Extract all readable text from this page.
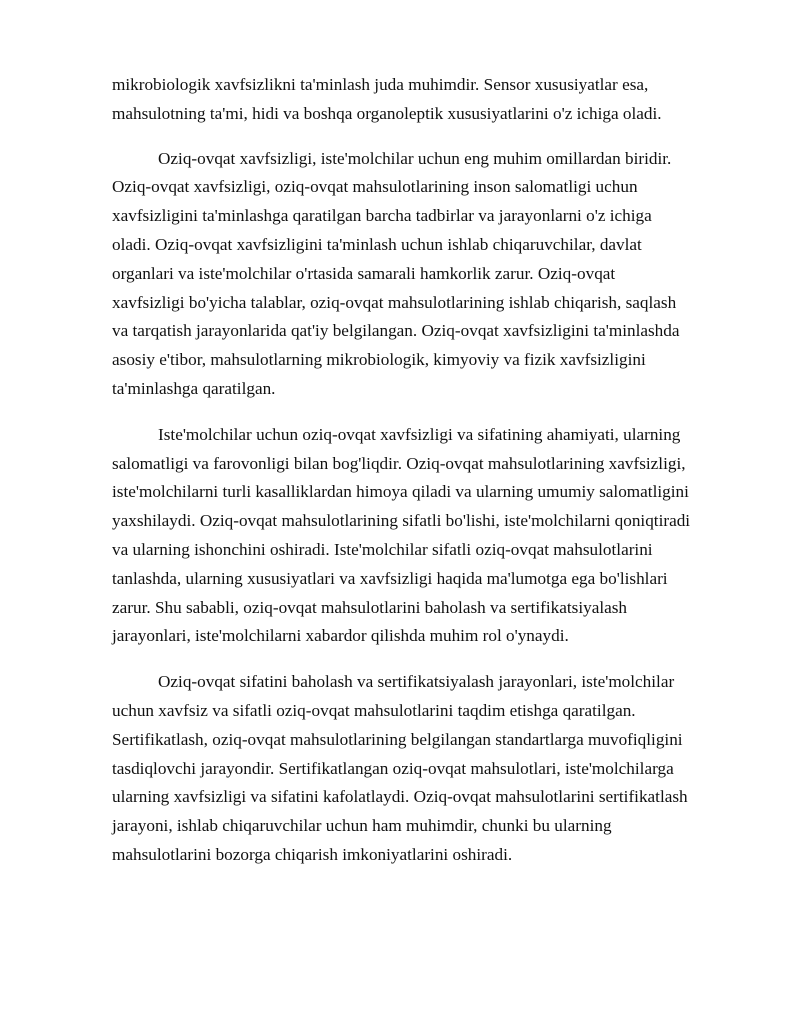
mikrobiologik xavfsizlikni ta'minlash juda muhimdir. Sensor xususiyatlar esa, mahsulotning ta'mi, hidi va boshqa organoleptik xususiyatlarini o'z ichiga oladi.

Oziq-ovqat xavfsizligi, iste'molchilar uchun eng muhim omillardan biridir. Oziq-ovqat xavfsizligi, oziq-ovqat mahsulotlarining inson salomatligi uchun xavfsizligini ta'minlashga qaratilgan barcha tadbirlar va jarayonlarni o'z ichiga oladi. Oziq-ovqat xavfsizligini ta'minlash uchun ishlab chiqaruvchilar, davlat organlari va iste'molchilar o'rtasida samarali hamkorlik zarur. Oziq-ovqat xavfsizligi bo'yicha talablar, oziq-ovqat mahsulotlarining ishlab chiqarish, saqlash va tarqatish jarayonlarida qat'iy belgilangan. Oziq-ovqat xavfsizligini ta'minlashda asosiy e'tibor, mahsulotlarning mikrobiologik, kimyoviy va fizik xavfsizligini ta'minlashga qaratilgan.

Iste'molchilar uchun oziq-ovqat xavfsizligi va sifatining ahamiyati, ularning salomatligi va farovonligi bilan bog'liqdir. Oziq-ovqat mahsulotlarining xavfsizligi, iste'molchilarni turli kasalliklardan himoya qiladi va ularning umumiy salomatligini yaxshilaydi. Oziq-ovqat mahsulotlarining sifatli bo'lishi, iste'molchilarni qoniqtiradi va ularning ishonchini oshiradi. Iste'molchilar sifatli oziq-ovqat mahsulotlarini tanlashda, ularning xususiyatlari va xavfsizligi haqida ma'lumotga ega bo'lishlari zarur. Shu sababli, oziq-ovqat mahsulotlarini baholash va sertifikatsiyalash jarayonlari, iste'molchilarni xabardor qilishda muhim rol o'ynaydi.

Oziq-ovqat sifatini baholash va sertifikatsiyalash jarayonlari, iste'molchilar uchun xavfsiz va sifatli oziq-ovqat mahsulotlarini taqdim etishga qaratilgan. Sertifikatlash, oziq-ovqat mahsulotlarining belgilangan standartlarga muvofiqligini tasdiqlovchi jarayondir. Sertifikatlangan oziq-ovqat mahsulotlari, iste'molchilarga ularning xavfsizligi va sifatini kafolatlaydi. Oziq-ovqat mahsulotlarini sertifikatlash jarayoni, ishlab chiqaruvchilar uchun ham muhimdir, chunki bu ularning mahsulotlarini bozorga chiqarish imkoniyatlarini oshiradi.
